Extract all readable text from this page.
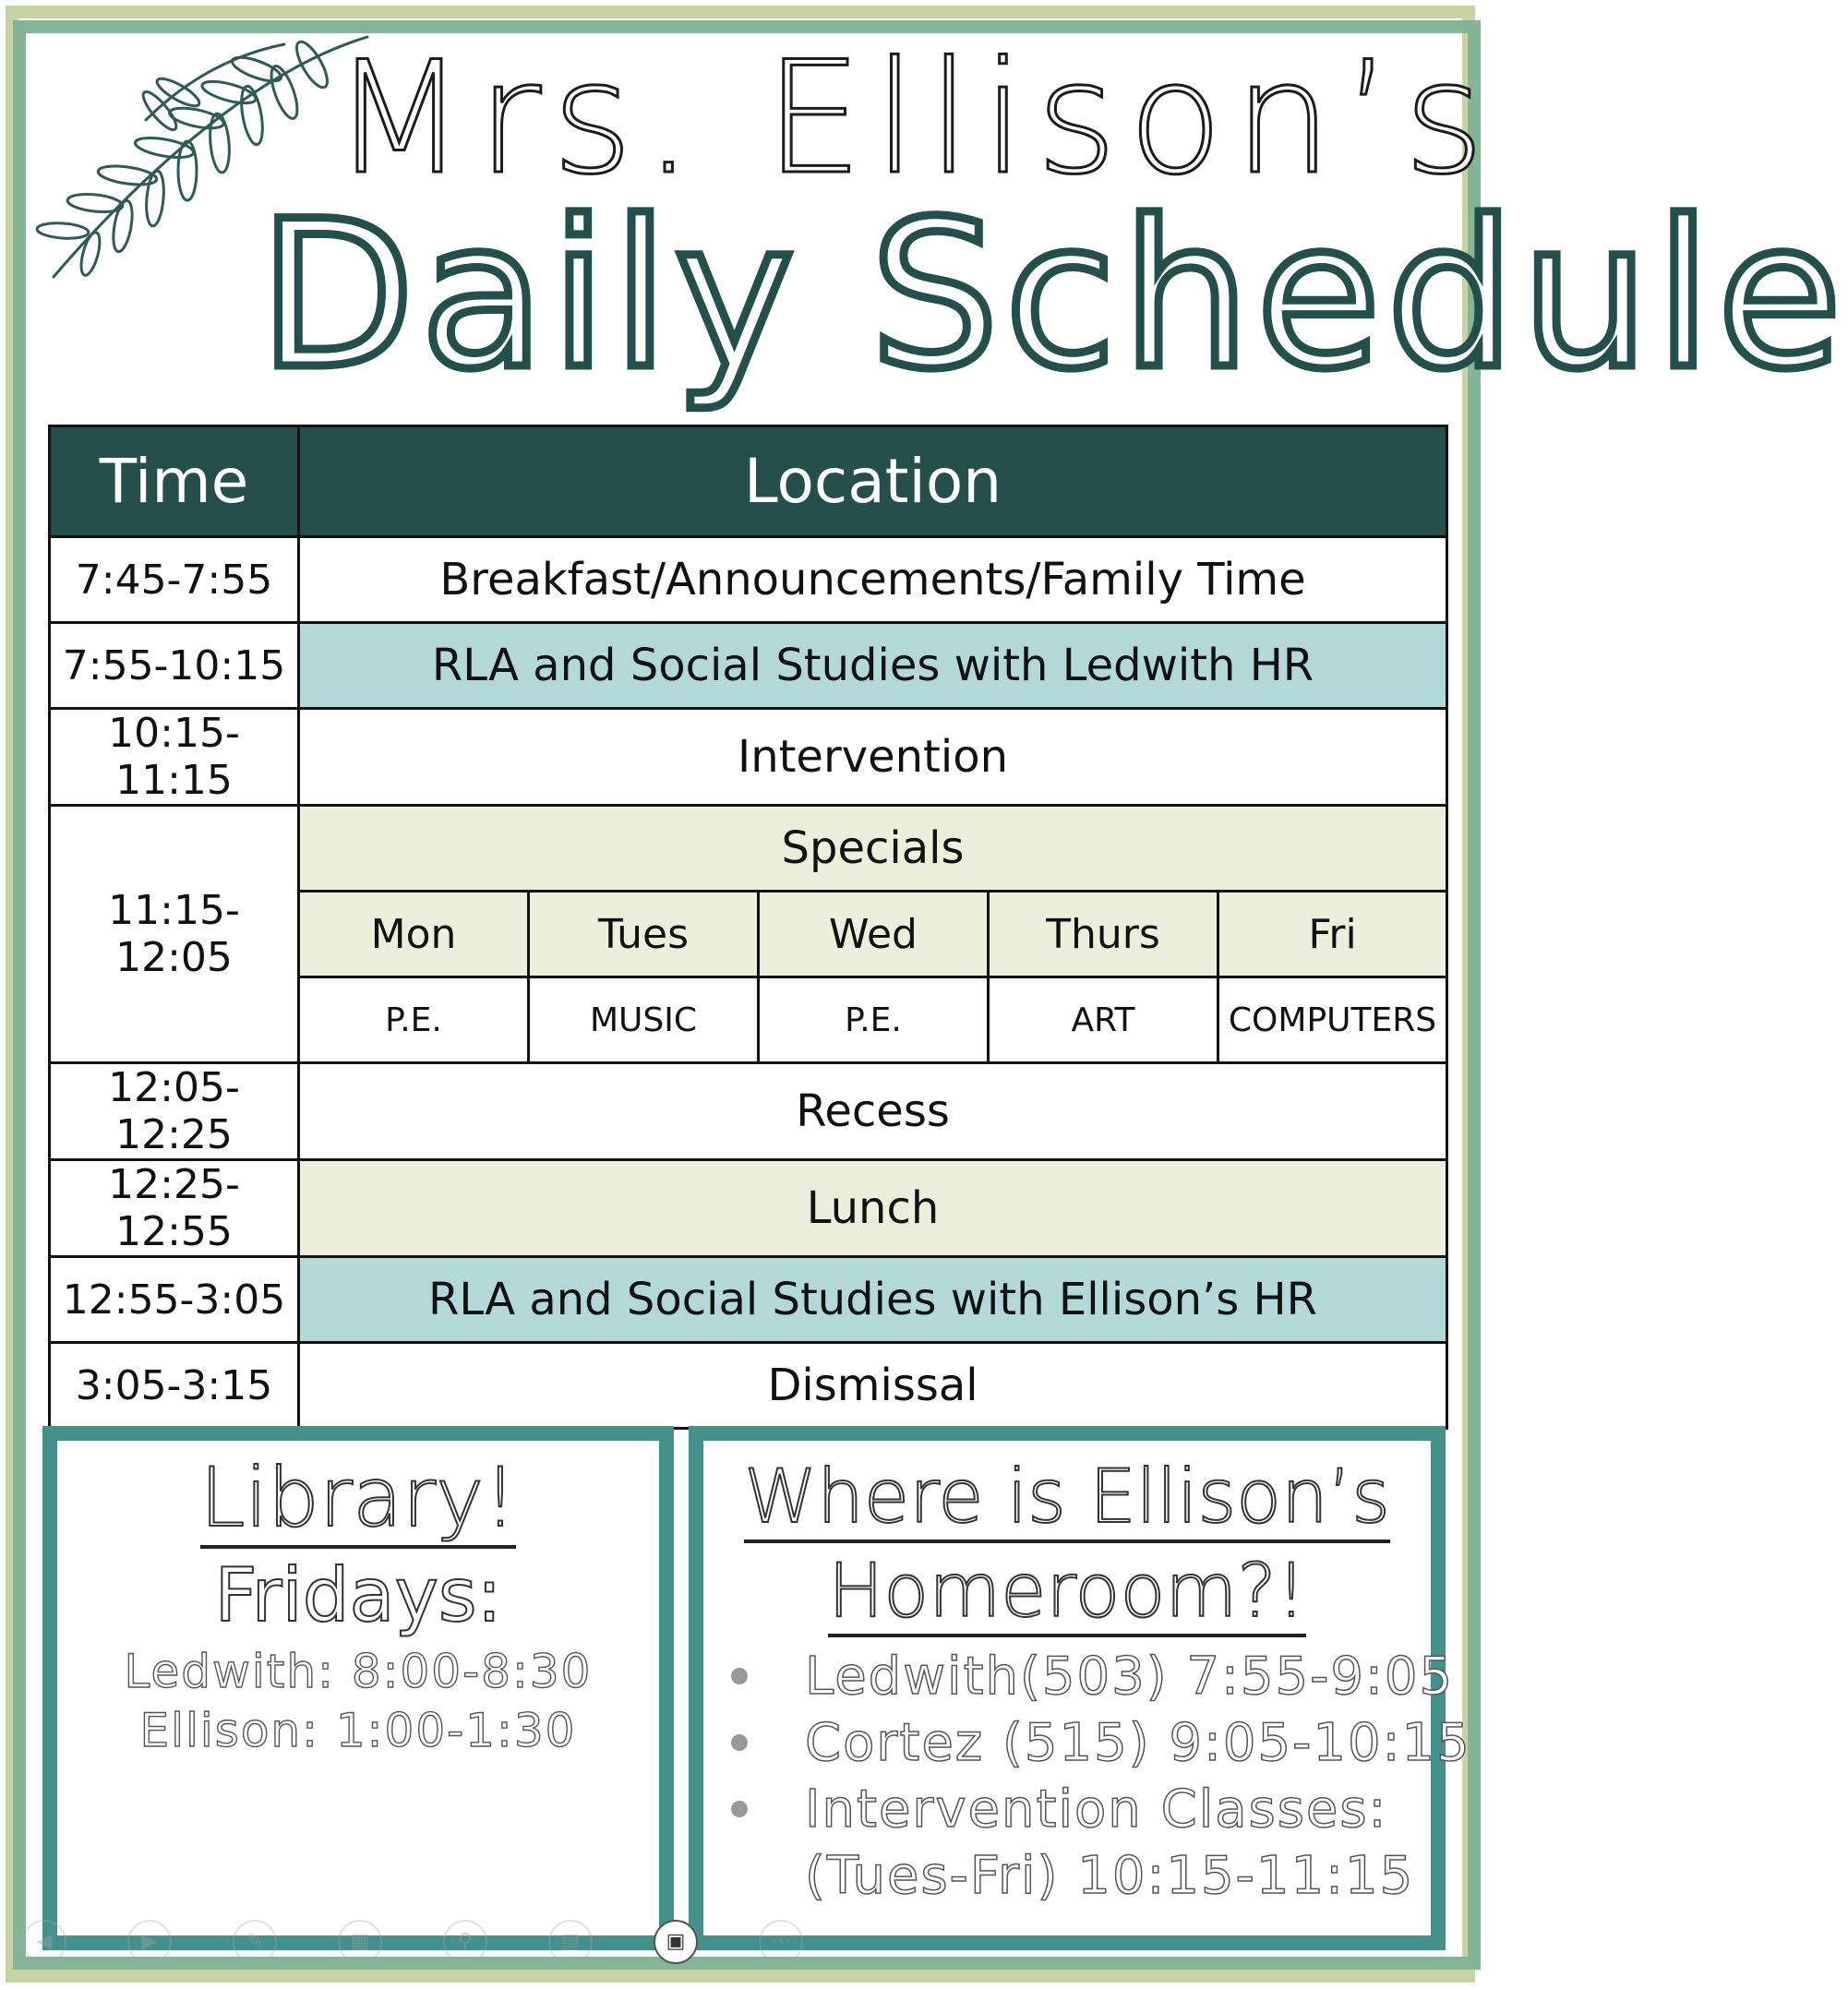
Mrs. Ellison’s
Daily Schedule
Time	Location				
7:45-7:55	Breakfast/Announcements/Family Time				
7:55-10:15	RLA and Social Studies with Ledwith HR				
10:15-11:15	Intervention				
11:15-12:05	Specials				
	Mon	Tues	Wed	Thurs	Fri
	P.E.	MUSIC	P.E.	ART	COMPUTERS
12:05-12:25	Recess				
12:25-12:55	Lunch				
12:55-3:05	RLA and Social Studies with Ellison’s HR				
3:05-3:15	Dismissal				
Library!
Fridays:
Ledwith: 8:00-8:30
Ellison: 1:00-1:30
Where is Ellison’s
Homeroom?!
Ledwith(503) 7:55-9:05
Cortez (515) 9:05-10:15
Intervention Classes:
(Tues-Fri) 10:15-11:15
◀	▶	✎	▦	⚲	▤	▣	⋯
